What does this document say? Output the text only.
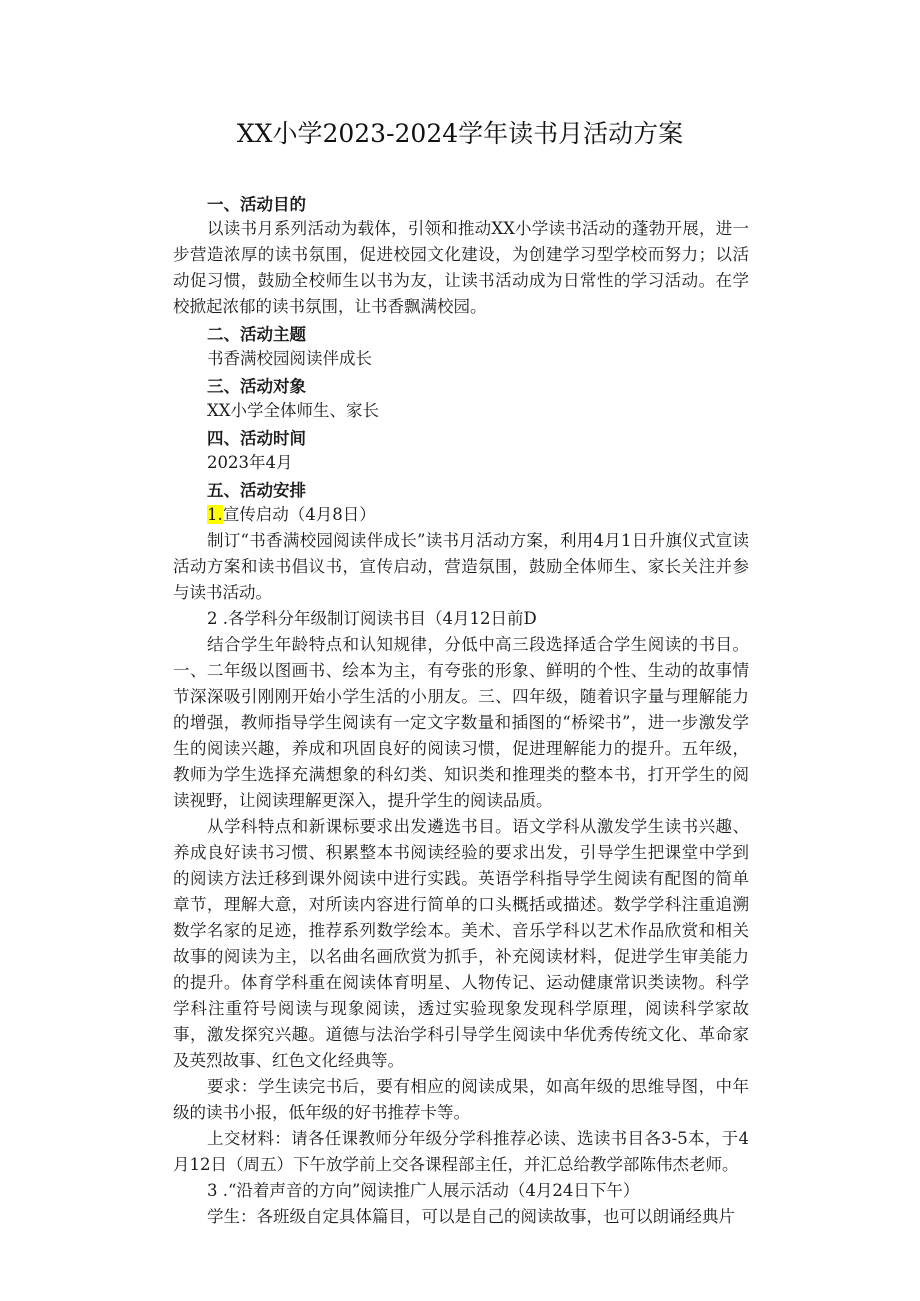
XX小学2023-2024学年读书月活动方案
一、活动目的

以读书月系列活动为载体，引领和推动XX小学读书活动的蓬勃开展，进一步营造浓厚的读书氛围，促进校园文化建设，为创建学习型学校而努力；以活动促习惯，鼓励全校师生以书为友，让读书活动成为日常性的学习活动。在学校掀起浓郁的读书氛围，让书香飘满校园。

二、活动主题

书香满校园阅读伴成长

三、活动对象

XX小学全体师生、家长

四、活动时间

2023年4月

五、活动安排

1.宣传启动（4月8日）

制订“书香满校园阅读伴成长”读书月活动方案，利用4月1日升旗仪式宣读活动方案和读书倡议书，宣传启动，营造氛围，鼓励全体师生、家长关注并参与读书活动。

2 .各学科分年级制订阅读书目（4月12日前D

结合学生年龄特点和认知规律，分低中高三段选择适合学生阅读的书目。一、二年级以图画书、绘本为主，有夸张的形象、鲜明的个性、生动的故事情节深深吸引刚刚开始小学生活的小朋友。三、四年级，随着识字量与理解能力的增强，教师指导学生阅读有一定文字数量和插图的“桥梁书”，进一步激发学生的阅读兴趣，养成和巩固良好的阅读习惯，促进理解能力的提升。五年级，教师为学生选择充满想象的科幻类、知识类和推理类的整本书，打开学生的阅读视野，让阅读理解更深入，提升学生的阅读品质。

从学科特点和新课标要求出发遴选书目。语文学科从激发学生读书兴趣、养成良好读书习惯、积累整本书阅读经验的要求出发，引导学生把课堂中学到的阅读方法迁移到课外阅读中进行实践。英语学科指导学生阅读有配图的简单章节，理解大意，对所读内容进行简单的口头概括或描述。数学学科注重追溯数学名家的足迹，推荐系列数学绘本。美术、音乐学科以艺术作品欣赏和相关故事的阅读为主，以名曲名画欣赏为抓手，补充阅读材料，促进学生审美能力的提升。体育学科重在阅读体育明星、人物传记、运动健康常识类读物。科学学科注重符号阅读与现象阅读，透过实验现象发现科学原理，阅读科学家故事，激发探究兴趣。道德与法治学科引导学生阅读中华优秀传统文化、革命家及英烈故事、红色文化经典等。

要求：学生读完书后，要有相应的阅读成果，如高年级的思维导图，中年级的读书小报，低年级的好书推荐卡等。

上交材料：请各任课教师分年级分学科推荐必读、选读书目各3-5本，于4月12日（周五）下午放学前上交各课程部主任，并汇总给教学部陈伟杰老师。

3 .“沿着声音的方向”阅读推广人展示活动（4月24日下午）

学生：各班级自定具体篇目，可以是自己的阅读故事，也可以朗诵经典片
